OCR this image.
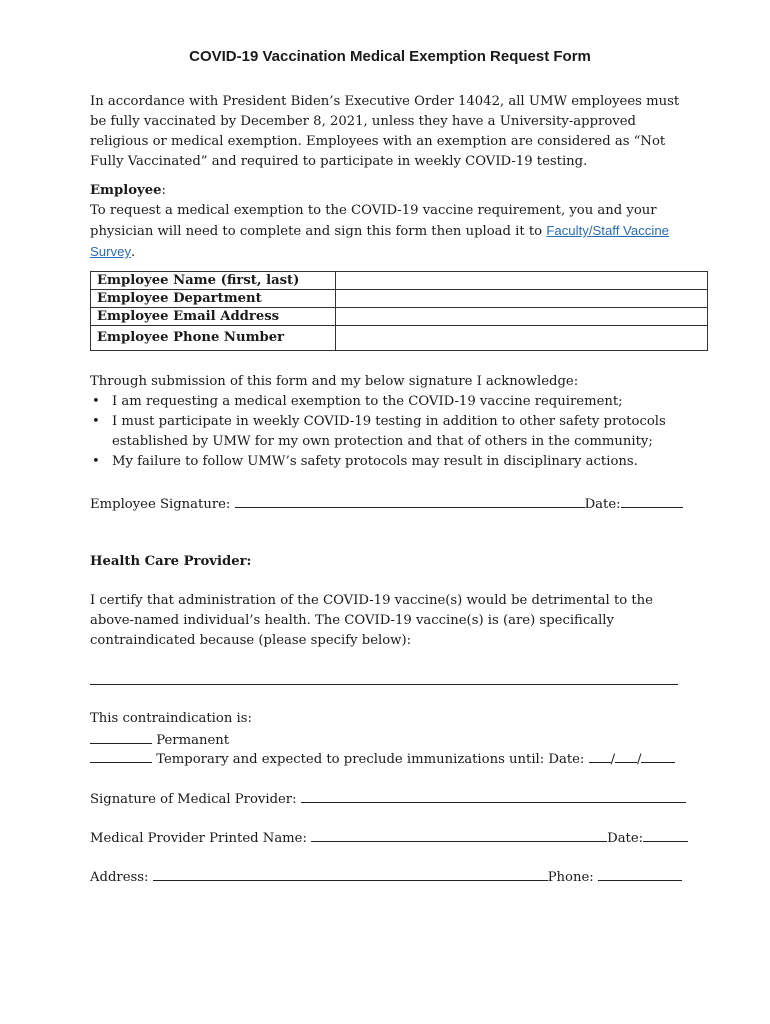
COVID-19 Vaccination Medical Exemption Request Form
In accordance with President Biden’s Executive Order 14042, all UMW employees must be fully vaccinated by December 8, 2021, unless they have a University-approved religious or medical exemption. Employees with an exemption are considered as “Not Fully Vaccinated” and required to participate in weekly COVID-19 testing.
Employee:
To request a medical exemption to the COVID-19 vaccine requirement, you and your physician will need to complete and sign this form then upload it to Faculty/Staff Vaccine Survey.
Employee Name (first, last)	
Employee Department	
Employee Email Address	
Employee Phone Number	
Through submission of this form and my below signature I acknowledge:
• I am requesting a medical exemption to the COVID-19 vaccine requirement;
• I must participate in weekly COVID-19 testing in addition to other safety protocols established by UMW for my own protection and that of others in the community;
• My failure to follow UMW’s safety protocols may result in disciplinary actions.
Employee Signature:	Date:
Health Care Provider:
I certify that administration of the COVID-19 vaccine(s) would be detrimental to the above-named individual’s health. The COVID-19 vaccine(s) is (are) specifically contraindicated because (please specify below):
This contraindication is:
Permanent
Temporary and expected to preclude immunizations until: Date: / /
Signature of Medical Provider:
Medical Provider Printed Name:	Date:
Address:	Phone:
